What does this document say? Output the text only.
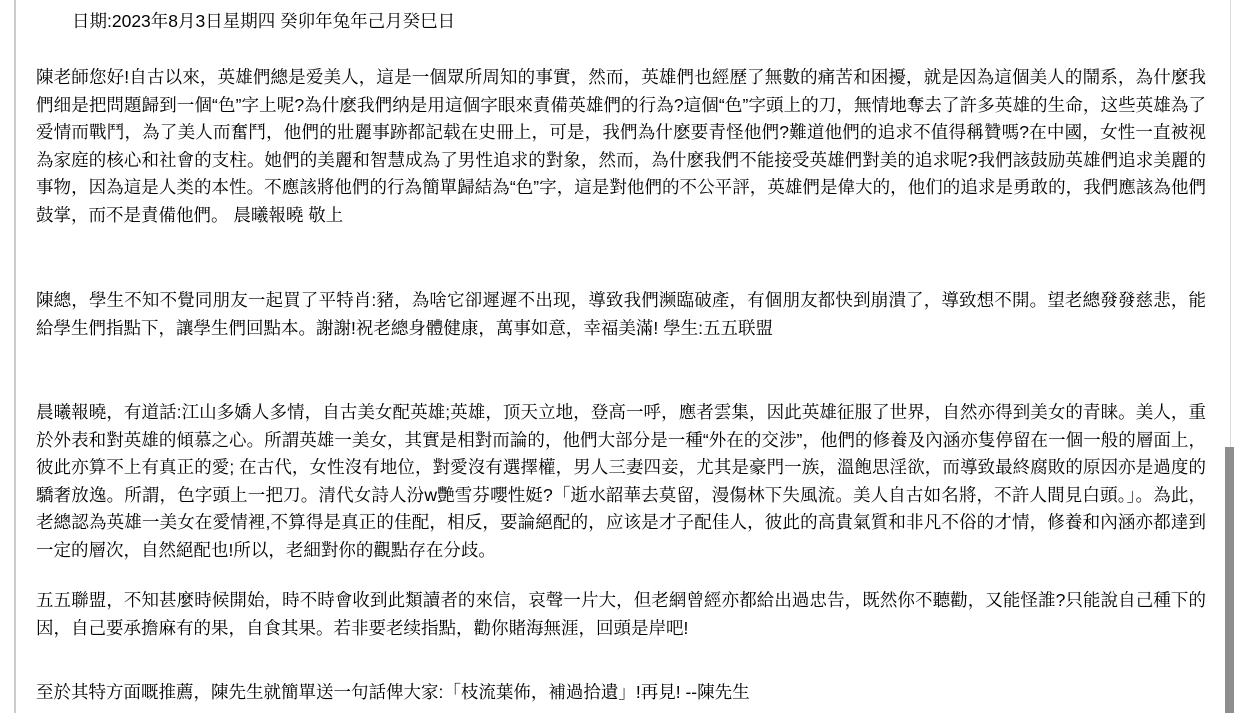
日期:2023年8月3日星期四 癸卯年兔年己月癸巳日
陳老師您好!自古以來，英雄們總是爱美人，這是一個眾所周知的事實，然而，英雄們也經歷了無數的痛苦和困擾，就是因為這個美人的鬧系，為什麼我們细是把問題歸到一個“色”字上呢?為什麽我們纳是用這個字眼來責備英雄們的行為?這個“色”字頭上的刀，無情地奪去了許多英雄的生命，这些英雄為了爱情而戰鬥，為了美人而奮鬥，他們的壯麗事跡都記载在史冊上，可是，我們為什麽要青怪他們?難道他們的追求不值得稱贊嗎?在中國，女性一直被视為家庭的核心和社會的支柱。她們的美麗和智慧成為了男性追求的對象，然而，為什麽我們不能接受英雄們對美的追求呢?我們該鼓励英雄們追求美麗的事物，因為這是人类的本性。不應該將他們的行為簡單歸結為“色”字，這是對他們的不公平評，英雄們是偉大的，他们的追求是勇敢的，我們應該為他們鼓掌，而不是責備他們。 晨曦報曉 敬上
陳總，學生不知不覺同朋友一起買了平特肖:豬，為啥它卻遲遲不出现，導致我們濒臨破產，有個朋友都快到崩潰了，導致想不開。望老總發發慈悲，能給學生們指點下，讓學生們回點本。謝謝!祝老總身體健康，萬事如意，幸福美滿! 學生:五五联盟
晨曦報曉，有道話:江山多嬌人多情，自古美女配英雄;英雄，顶天立地，登高一呼，應者雲集，因此英雄征服了世界，自然亦得到美女的青睐。美人，重於外表和對英雄的傾慕之心。所謂英雄一美女，其實是相對而論的，他們大部分是一種“外在的交涉”，他們的修養及內涵亦隻停留在一個一般的層面上，彼此亦算不上有真正的愛; 在古代，女性沒有地位，對愛沒有選擇權，男人三妻四妾，尤其是豪門一族，溫飽思淫欲，而導致最終腐敗的原因亦是過度的驕奢放逸。所謂，色字頭上一把刀。清代女詩人汾w艷雪芬嚶性娗?「逝水韶華去莫留，漫傷林下失風流。美人自古如名將，不許人間見白頭。」。為此，老總認為英雄一美女在愛情裡,不算得是真正的佳配，相反，要論絕配的，应该是才子配佳人，彼此的高貴氣質和非凡不俗的才情，修養和內涵亦都達到一定的層次，自然絕配也!所以，老細對你的觀點存在分歧。
五五聯盟，不知甚麼時候開始，時不時會收到此類讀者的來信，哀聲一片大，但老網曾經亦都給出過忠告，既然你不聽勸，又能怪誰?只能說自己種下的因，自己要承擔麻有的果，自食其果。若非要老续指點，勸你賭海無涯，回頭是岸吧!
至於其特方面嘅推薦，陳先生就簡單送一句話俾大家:「枝流葉佈，補過拾遺」!再見! --陳先生
